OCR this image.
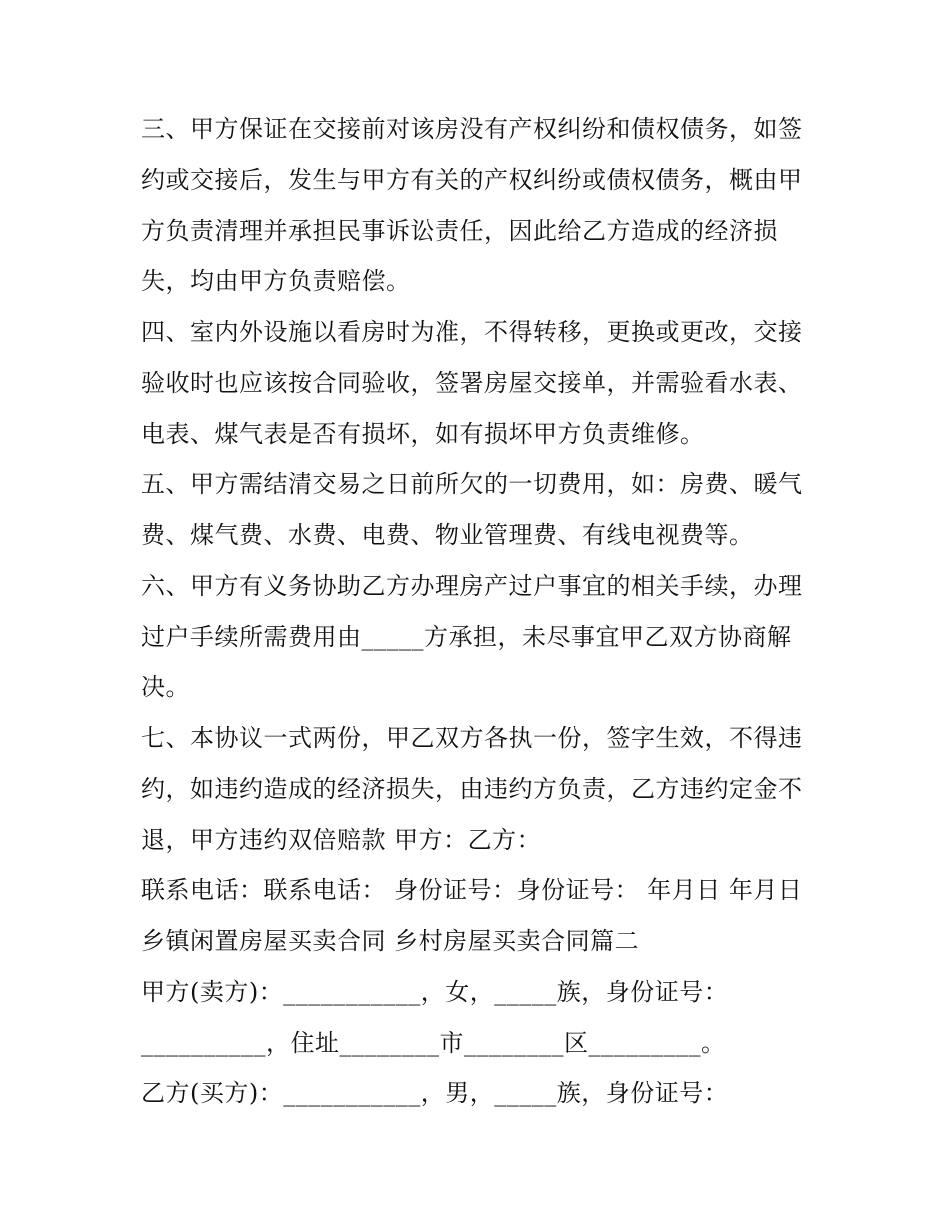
三、甲方保证在交接前对该房没有产权纠纷和债权债务，如签
约或交接后，发生与甲方有关的产权纠纷或债权债务，概由甲
方负责清理并承担民事诉讼责任，因此给乙方造成的经济损
失，均由甲方负责赔偿。
四、室内外设施以看房时为准，不得转移，更换或更改，交接
验收时也应该按合同验收，签署房屋交接单，并需验看水表、
电表、煤气表是否有损坏，如有损坏甲方负责维修。
五、甲方需结清交易之日前所欠的一切费用，如：房费、暖气
费、煤气费、水费、电费、物业管理费、有线电视费等。
六、甲方有义务协助乙方办理房产过户事宜的相关手续，办理
过户手续所需费用由_____方承担，未尽事宜甲乙双方协商解
决。
七、本协议一式两份，甲乙双方各执一份，签字生效，不得违
约，如违约造成的经济损失，由违约方负责，乙方违约定金不
退，甲方违约双倍赔款 甲方：乙方：
联系电话：联系电话： 身份证号：身份证号： 年月日 年月日
乡镇闲置房屋买卖合同 乡村房屋买卖合同篇二
甲方(卖方)：___________，女，_____族，身份证号：
__________，住址________市________区_________。
乙方(买方)：___________，男，_____族，身份证号：
